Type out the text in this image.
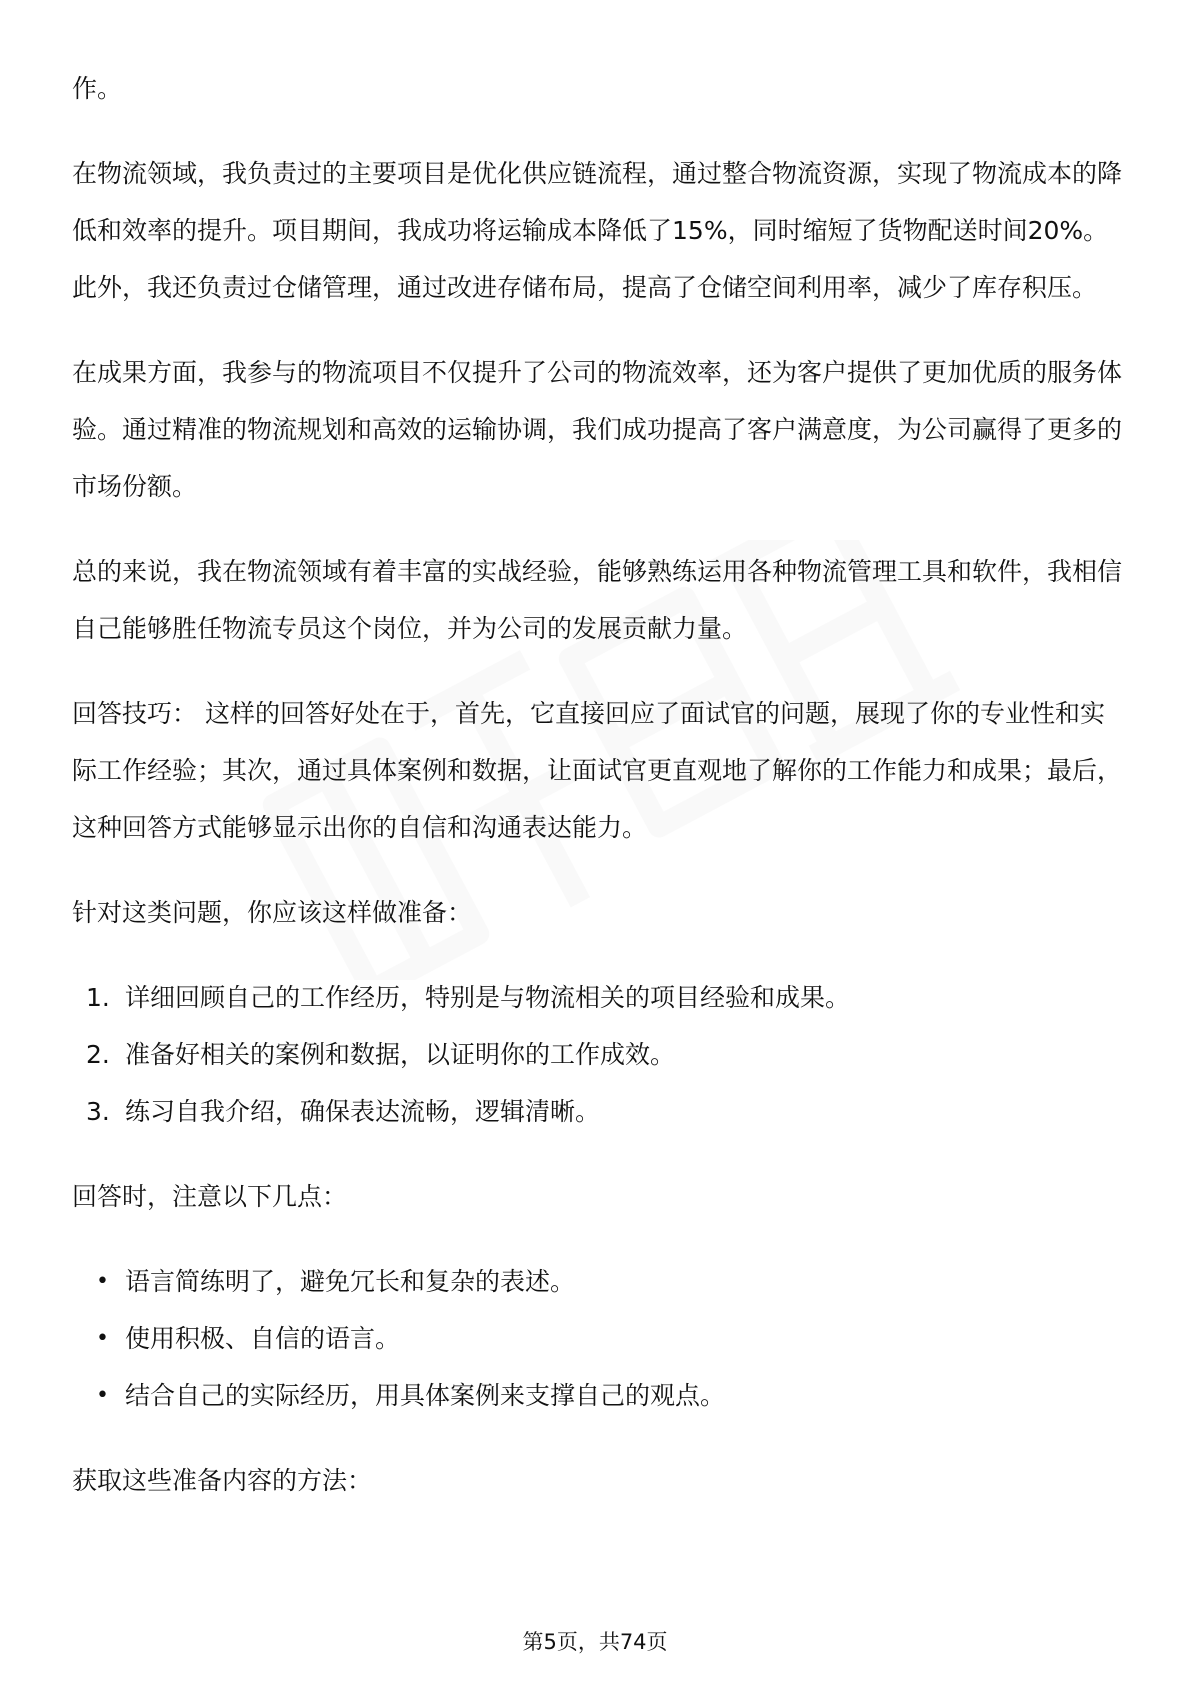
作。

在物流领域，我负责过的主要项目是优化供应链流程，通过整合物流资源，实现了物流成本的降低和效率的提升。项目期间，我成功将运输成本降低了15%，同时缩短了货物配送时间20%。此外，我还负责过仓储管理，通过改进存储布局，提高了仓储空间利用率，减少了库存积压。

在成果方面，我参与的物流项目不仅提升了公司的物流效率，还为客户提供了更加优质的服务体验。通过精准的物流规划和高效的运输协调，我们成功提高了客户满意度，为公司赢得了更多的市场份额。

总的来说，我在物流领域有着丰富的实战经验，能够熟练运用各种物流管理工具和软件，我相信自己能够胜任物流专员这个岗位，并为公司的发展贡献力量。

回答技巧： 这样的回答好处在于，首先，它直接回应了面试官的问题，展现了你的专业性和实际工作经验；其次，通过具体案例和数据，让面试官更直观地了解你的工作能力和成果；最后，这种回答方式能够显示出你的自信和沟通表达能力。

针对这类问题，你应该这样做准备：

1. 详细回顾自己的工作经历，特别是与物流相关的项目经验和成果。
2. 准备好相关的案例和数据，以证明你的工作成效。
3. 练习自我介绍，确保表达流畅，逻辑清晰。

回答时，注意以下几点：

• 语言简练明了，避免冗长和复杂的表述。
• 使用积极、自信的语言。
• 结合自己的实际经历，用具体案例来支撑自己的观点。

获取这些准备内容的方法：

第5页，共74页
